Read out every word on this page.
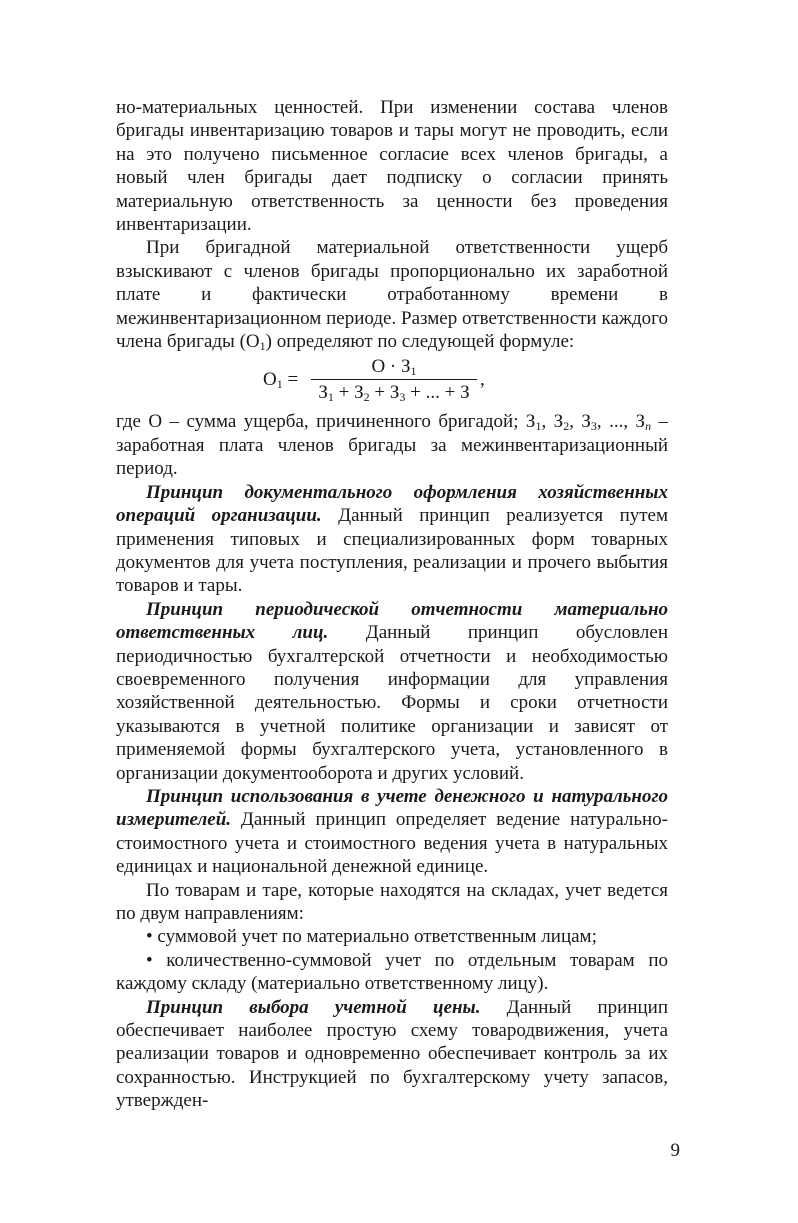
но-материальных ценностей. При изменении состава членов бригады инвентаризацию товаров и тары могут не проводить, если на это получено письменное согласие всех членов бригады, а новый член бригады дает подписку о согласии принять материальную ответственность за ценности без проведения инвентаризации.

При бригадной материальной ответственности ущерб взыскивают с членов бригады пропорционально их заработной плате и фактически отработанному времени в межинвентаризационном периоде. Размер ответственности каждого члена бригады $(О_1)$ определяют по следующей формуле:

$О_1$ =
$О \cdot З_1$
$З_1 + З_2 + З_3$ + ... + З
,

где О – сумма ущерба, причиненного бригадой; $З_1$, $З_2$, $З_3$, ..., $З_n$ – заработная плата членов бригады за межинвентаризационный период.

Принцип документального оформления хозяйственных операций организации. Данный принцип реализуется путем применения типовых и специализированных форм товарных документов для учета поступления, реализации и прочего выбытия товаров и тары.

Принцип периодической отчетности материально ответственных лиц. Данный принцип обусловлен периодичностью бухгалтерской отчетности и необходимостью своевременного получения информации для управления хозяйственной деятельностью. Формы и сроки отчетности указываются в учетной политике организации и зависят от применяемой формы бухгалтерского учета, установленного в организации документооборота и других условий.

Принцип использования в учете денежного и натурального измерителей. Данный принцип определяет ведение натурально-стоимостного учета и стоимостного ведения учета в натуральных единицах и национальной денежной единице.

По товарам и таре, которые находятся на складах, учет ведется по двум направлениям:

• суммовой учет по материально ответственным лицам;

• количественно-суммовой учет по отдельным товарам по каждому складу (материально ответственному лицу).

Принцип выбора учетной цены. Данный принцип обеспечивает наиболее простую схему товародвижения, учета реализации товаров и одновременно обеспечивает контроль за их сохранностью. Инструкцией по бухгалтерскому учету запасов, утвержден-

9
